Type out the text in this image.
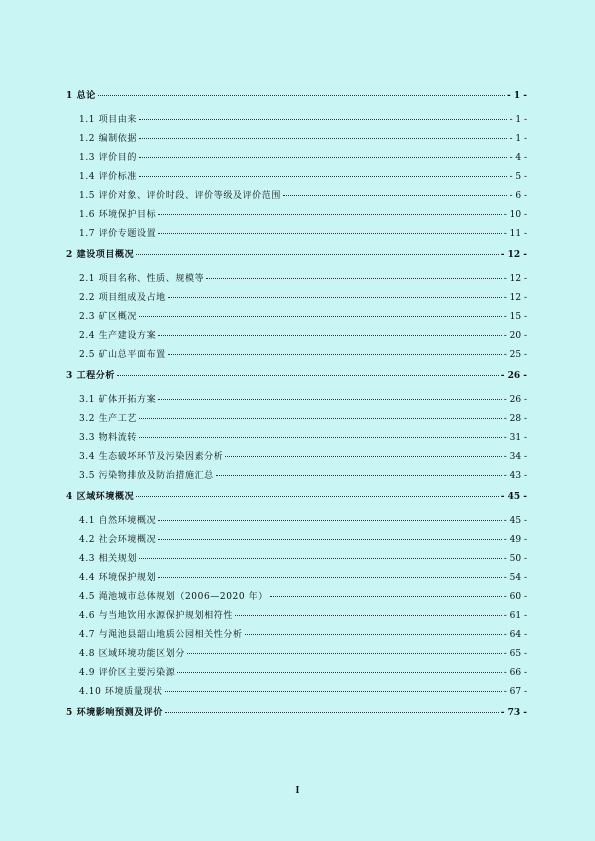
1 总论	- 1 -
1.1 项目由来	- 1 -
1.2 编制依据	- 1 -
1.3 评价目的	- 4 -
1.4 评价标准	- 5 -
1.5 评价对象、评价时段、评价等级及评价范围	- 6 -
1.6 环境保护目标	- 10 -
1.7 评价专题设置	- 11 -
2 建设项目概况	- 12 -
2.1 项目名称、性质、规模等	- 12 -
2.2 项目组成及占地	- 12 -
2.3 矿区概况	- 15 -
2.4 生产建设方案	- 20 -
2.5 矿山总平面布置	- 25 -
3 工程分析	- 26 -
3.1 矿体开拓方案	- 26 -
3.2 生产工艺	- 28 -
3.3 物料流转	- 31 -
3.4 生态破坏环节及污染因素分析	- 34 -
3.5 污染物排放及防治措施汇总	- 43 -
4 区域环境概况	- 45 -
4.1 自然环境概况	- 45 -
4.2 社会环境概况	- 49 -
4.3 相关规划	- 50 -
4.4 环境保护规划	- 54 -
4.5 渑池城市总体规划（2006—2020 年）	- 60 -
4.6 与当地饮用水源保护规划相符性	- 61 -
4.7 与渑池县韶山地质公园相关性分析	- 64 -
4.8 区域环境功能区划分	- 65 -
4.9 评价区主要污染源	- 66 -
4.10 环境质量现状	- 67 -
5 环境影响预测及评价	- 73 -
I
